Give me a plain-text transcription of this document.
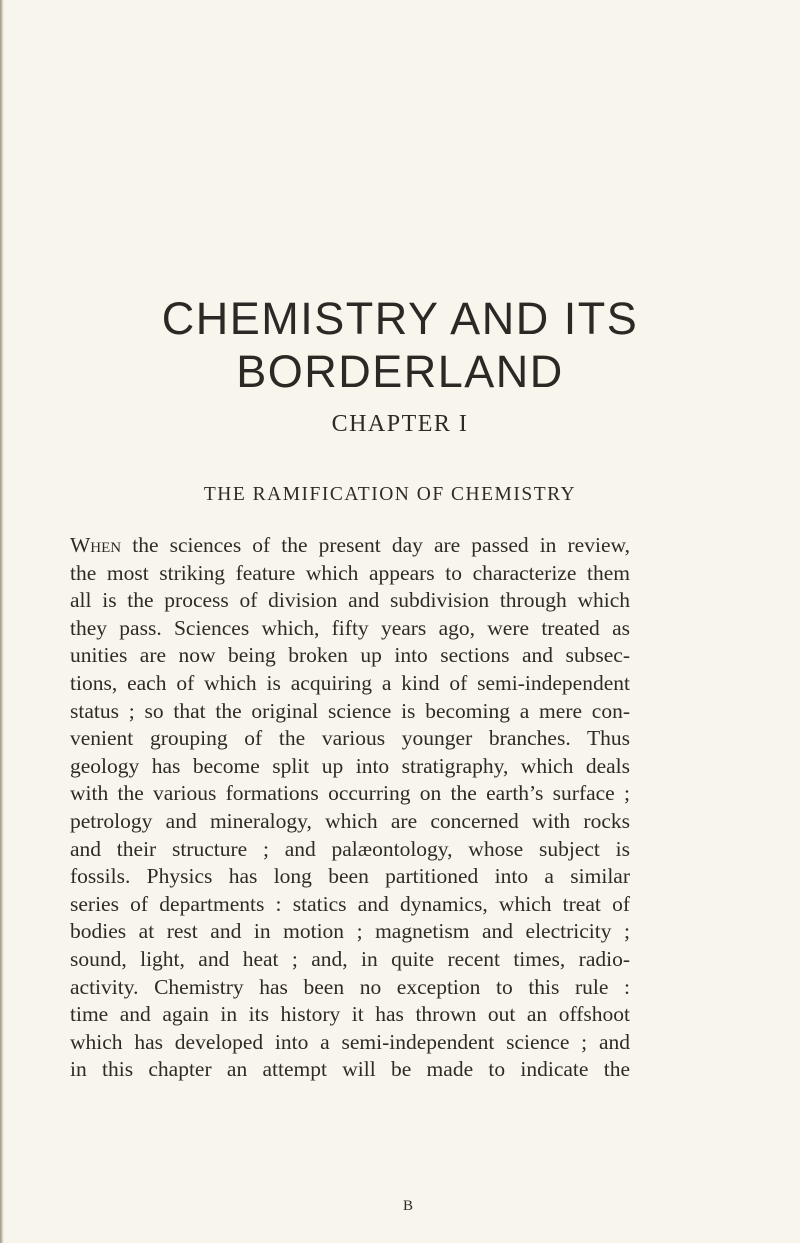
CHEMISTRY AND ITS
BORDERLAND
CHAPTER I
THE RAMIFICATION OF CHEMISTRY
When the sciences of the present day are passed in review,
the most striking feature which appears to characterize them
all is the process of division and subdivision through which
they pass. Sciences which, fifty years ago, were treated as
unities are now being broken up into sections and subsec-
tions, each of which is acquiring a kind of semi-independent
status ; so that the original science is becoming a mere con-
venient grouping of the various younger branches. Thus
geology has become split up into stratigraphy, which deals
with the various formations occurring on the earth’s surface ;
petrology and mineralogy, which are concerned with rocks
and their structure ; and palæontology, whose subject is
fossils. Physics has long been partitioned into a similar
series of departments : statics and dynamics, which treat of
bodies at rest and in motion ; magnetism and electricity ;
sound, light, and heat ; and, in quite recent times, radio-
activity. Chemistry has been no exception to this rule :
time and again in its history it has thrown out an offshoot
which has developed into a semi-independent science ; and
in this chapter an attempt will be made to indicate the

B
